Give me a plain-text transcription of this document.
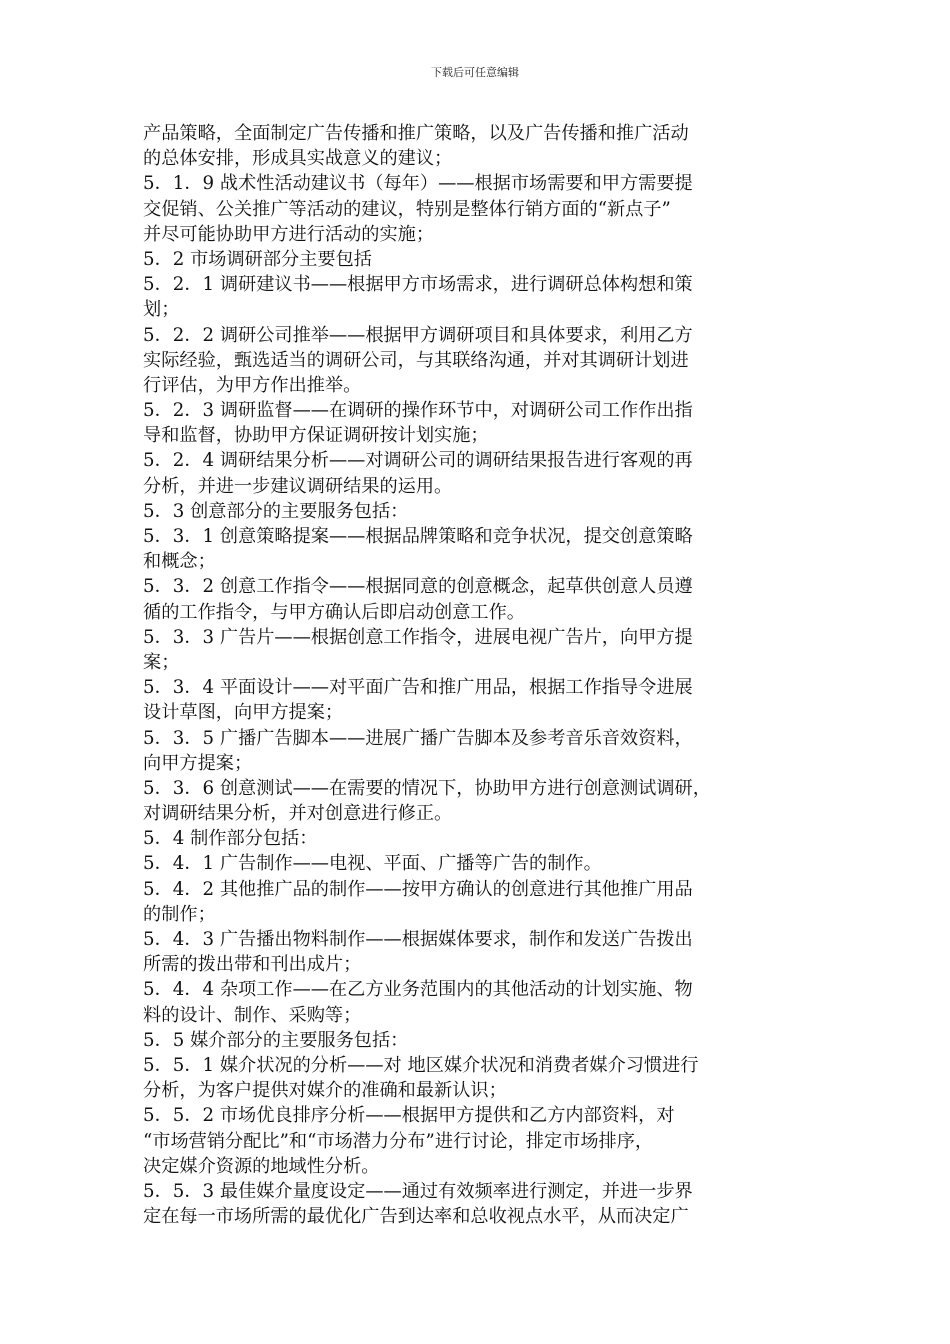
下载后可任意编辑
产品策略，全面制定广告传播和推广策略，以及广告传播和推广活动
的总体安排，形成具实战意义的建议；
5．1．9 战术性活动建议书（每年）——根据市场需要和甲方需要提
交促销、公关推广等活动的建议，特别是整体行销方面的“新点子”
并尽可能协助甲方进行活动的实施；
5．2 市场调研部分主要包括
5．2．1 调研建议书——根据甲方市场需求，进行调研总体构想和策
划；
5．2．2 调研公司推举——根据甲方调研项目和具体要求，利用乙方
实际经验，甄选适当的调研公司，与其联络沟通，并对其调研计划进
行评估，为甲方作出推举。
5．2．3 调研监督——在调研的操作环节中，对调研公司工作作出指
导和监督，协助甲方保证调研按计划实施；
5．2．4 调研结果分析——对调研公司的调研结果报告进行客观的再
分析，并进一步建议调研结果的运用。
5．3 创意部分的主要服务包括：
5．3．1 创意策略提案——根据品牌策略和竞争状况，提交创意策略
和概念；
5．3．2 创意工作指令——根据同意的创意概念，起草供创意人员遵
循的工作指令，与甲方确认后即启动创意工作。
5．3．3 广告片——根据创意工作指令，进展电视广告片，向甲方提
案；
5．3．4 平面设计——对平面广告和推广用品，根据工作指导令进展
设计草图，向甲方提案；
5．3．5 广播广告脚本——进展广播广告脚本及参考音乐音效资料，
向甲方提案；
5．3．6 创意测试——在需要的情况下，协助甲方进行创意测试调研，
对调研结果分析，并对创意进行修正。
5．4 制作部分包括：
5．4．1 广告制作——电视、平面、广播等广告的制作。
5．4．2 其他推广品的制作——按甲方确认的创意进行其他推广用品
的制作；
5．4．3 广告播出物料制作——根据媒体要求，制作和发送广告拨出
所需的拨出带和刊出成片；
5．4．4 杂项工作——在乙方业务范围内的其他活动的计划实施、物
料的设计、制作、采购等；
5．5 媒介部分的主要服务包括：
5．5．1 媒介状况的分析——对 地区媒介状况和消费者媒介习惯进行
分析，为客户提供对媒介的准确和最新认识；
5．5．2 市场优良排序分析——根据甲方提供和乙方内部资料，对
“市场营销分配比”和“市场潜力分布”进行讨论，排定市场排序，
决定媒介资源的地域性分析。
5．5．3 最佳媒介量度设定——通过有效频率进行测定，并进一步界
定在每一市场所需的最优化广告到达率和总收视点水平，从而决定广
